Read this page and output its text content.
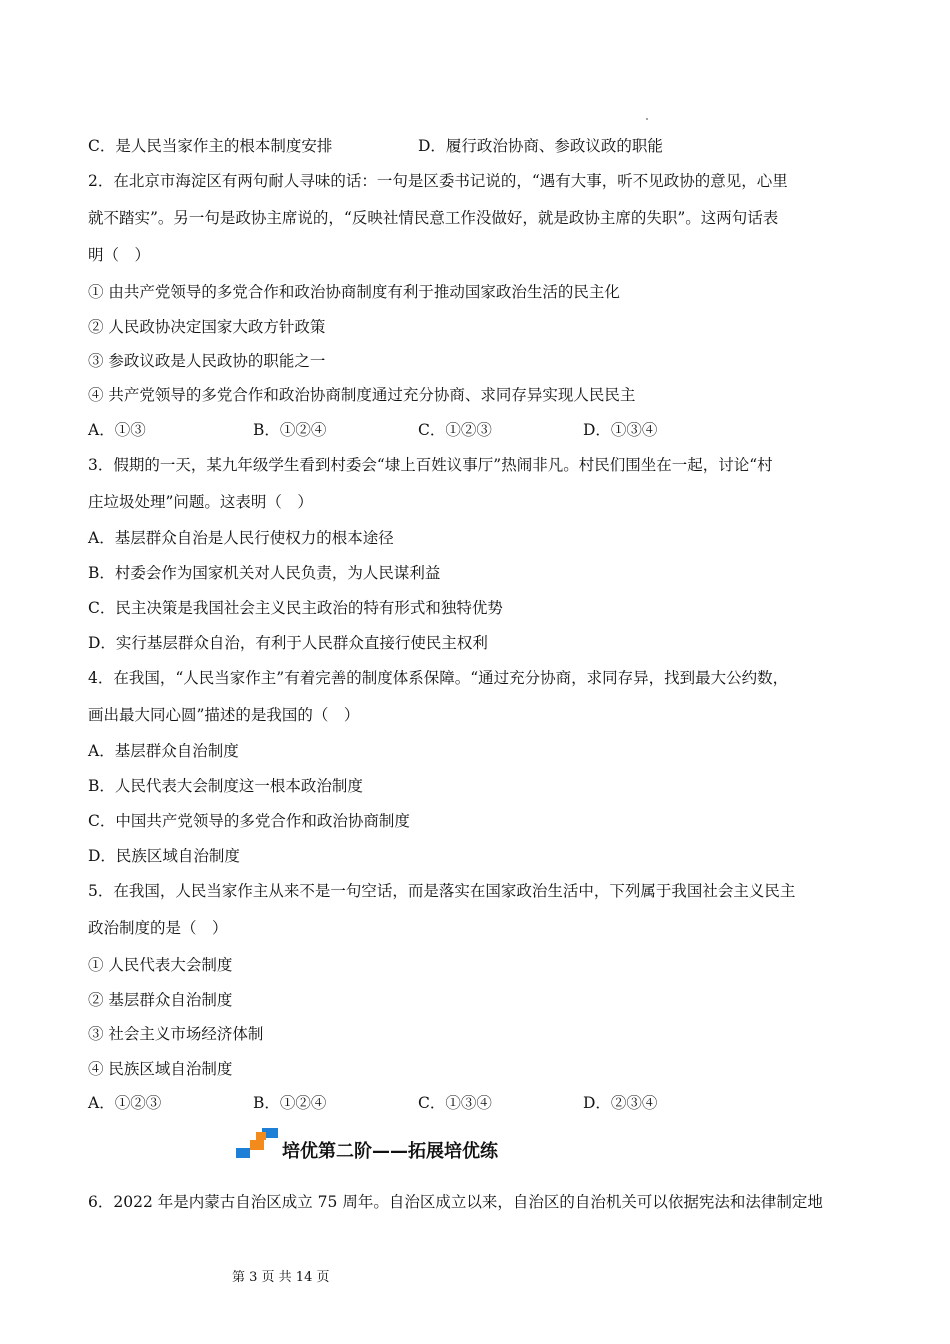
C．是人民当家作主的根本制度安排	D．履行政治协商、参政议政的职能
2．在北京市海淀区有两句耐人寻味的话：一句是区委书记说的，“遇有大事，听不见政协的意见，心里
就不踏实”。另一句是政协主席说的，“反映社情民意工作没做好，就是政协主席的失职”。这两句话表
明（　）
① 由共产党领导的多党合作和政治协商制度有利于推动国家政治生活的民主化
② 人民政协决定国家大政方针政策
③ 参政议政是人民政协的职能之一
④ 共产党领导的多党合作和政治协商制度通过充分协商、求同存异实现人民民主
A．①③	B．①②④	C．①②③	D．①③④
3．假期的一天，某九年级学生看到村委会“埭上百姓议事厅”热闹非凡。村民们围坐在一起，讨论“村
庄垃圾处理”问题。这表明（　）
A．基层群众自治是人民行使权力的根本途径
B．村委会作为国家机关对人民负责，为人民谋利益
C．民主决策是我国社会主义民主政治的特有形式和独特优势
D．实行基层群众自治，有利于人民群众直接行使民主权利
4．在我国，“人民当家作主”有着完善的制度体系保障。“通过充分协商，求同存异，找到最大公约数，
画出最大同心圆”描述的是我国的（　）
A．基层群众自治制度
B．人民代表大会制度这一根本政治制度
C．中国共产党领导的多党合作和政治协商制度
D．民族区域自治制度
5．在我国，人民当家作主从来不是一句空话，而是落实在国家政治生活中，下列属于我国社会主义民主
政治制度的是（　）
① 人民代表大会制度
② 基层群众自治制度
③ 社会主义市场经济体制
④ 民族区域自治制度
A．①②③	B．①②④	C．①③④	D．②③④
培优第二阶——拓展培优练
6．2022 年是内蒙古自治区成立 75 周年。自治区成立以来，自治区的自治机关可以依据宪法和法律制定地
第 3 页 共 14 页
